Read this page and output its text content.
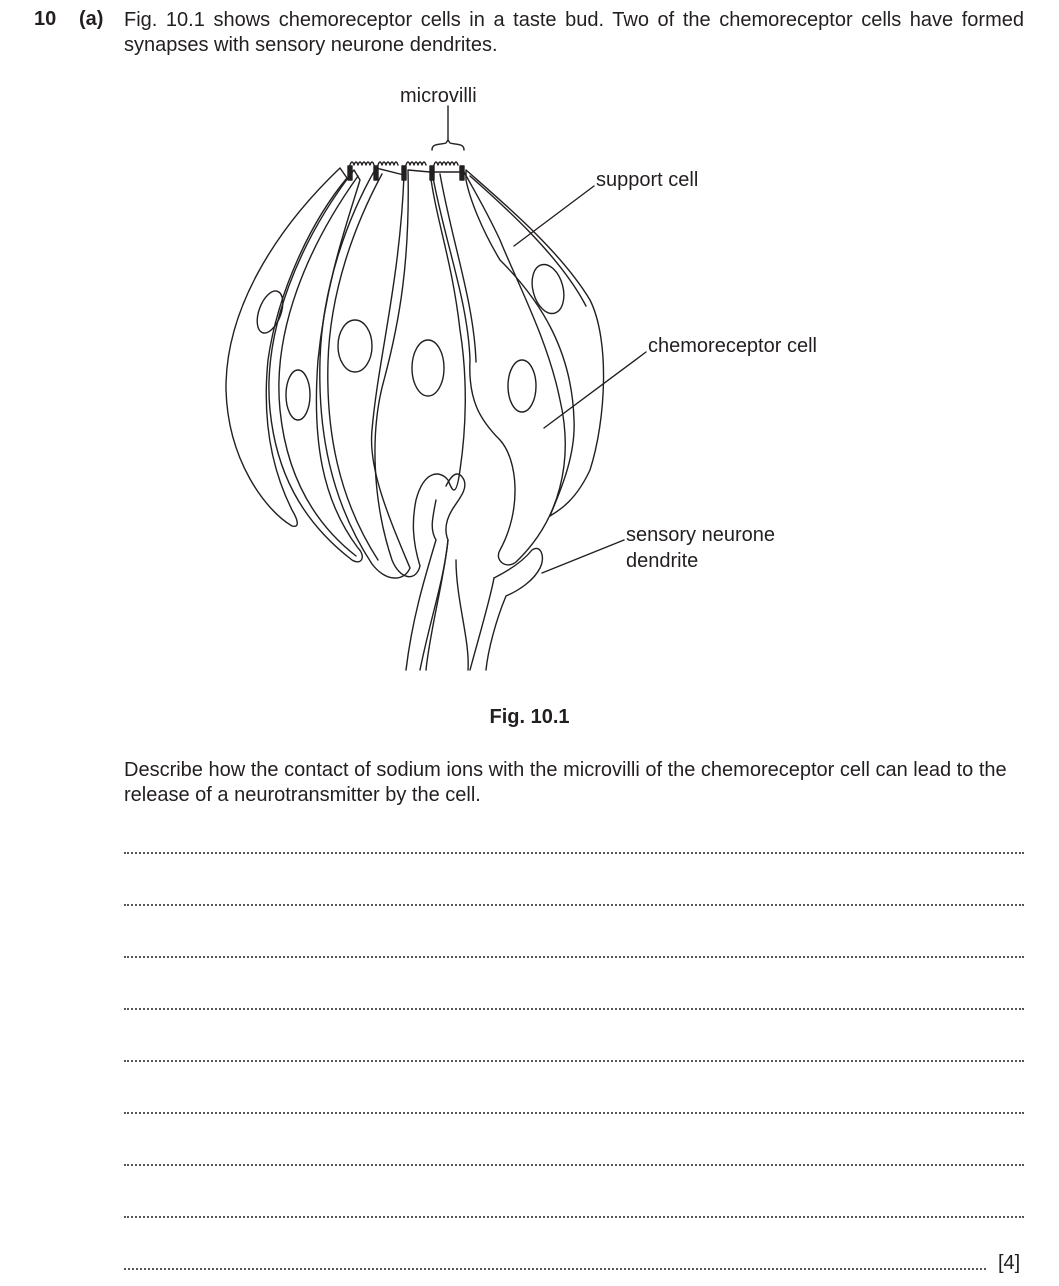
10 (a) Fig. 10.1 shows chemoreceptor cells in a taste bud. Two of the chemoreceptor cells have formed synapses with sensory neurone dendrites.

microvilli
support cell
chemoreceptor cell
sensory neurone
dendrite
Fig. 10.1

Describe how the contact of sodium ions with the microvilli of the chemoreceptor cell can lead to the release of a neurotransmitter by the cell.

[4]
